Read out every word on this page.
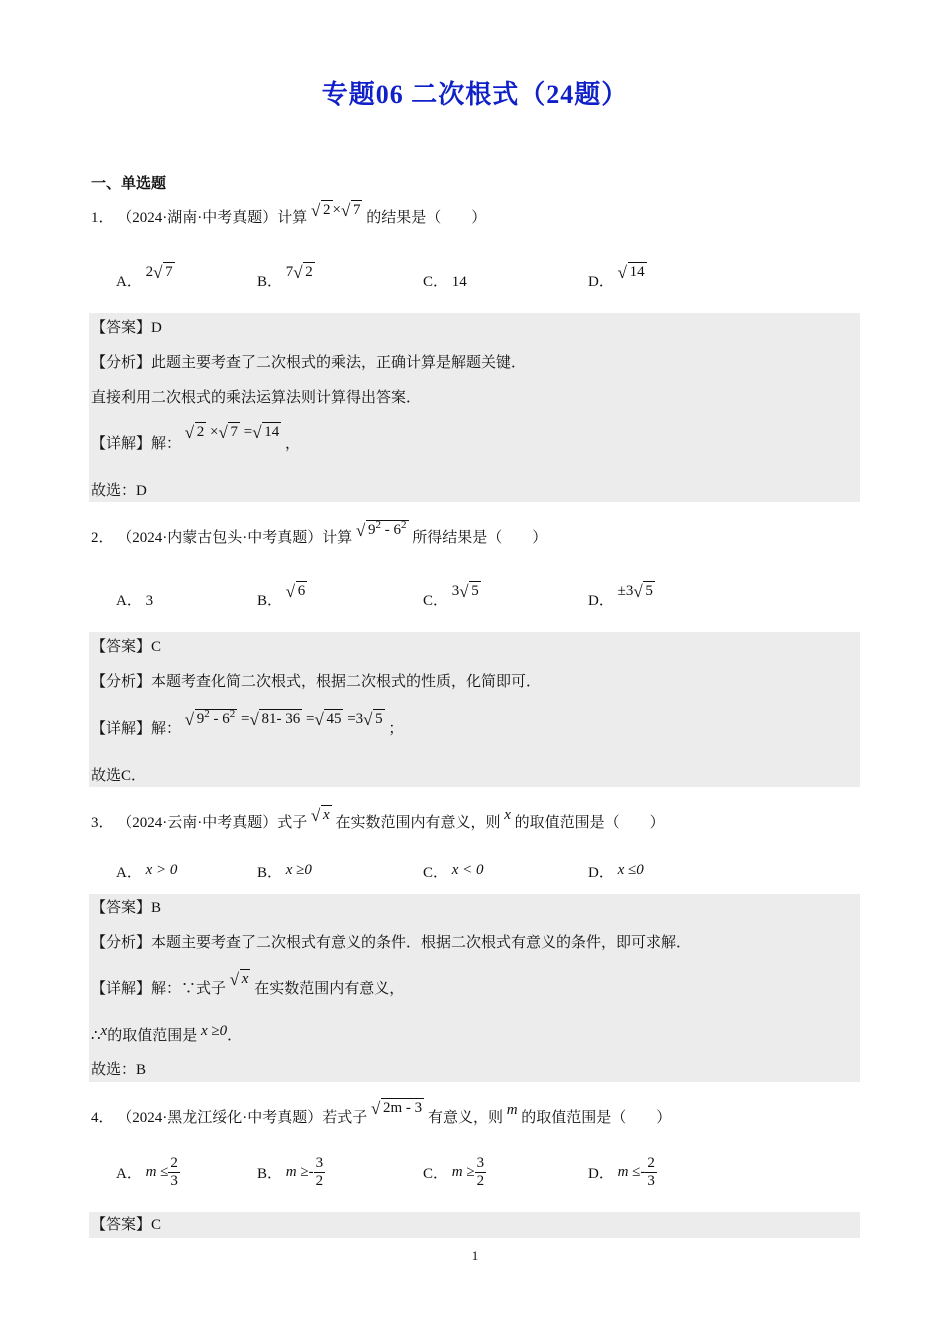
专题06 二次根式（24题）
一、单选题
1． （2024·湖南·中考真题）计算 √ 2 × √ 7 的结果是（　　）
A． 2 √ 7
B． 7 √ 2
C． 14	D． √ 14
【答案】D
【分析】此题主要考查了二次根式的乘法，正确计算是解题关键．
直接利用二次根式的乘法运算法则计算得出答案．
【详解】解：
√ 2 × √ 7 = √ 14 ，
故选：D
2． （2024·内蒙古包头·中考真题）计算 √ $9^2 - 6^2$ 所得结果是（　　）
A． 3	B． √ 6
C． 3 √ 5
D． ±3 √ 5
【答案】C
【分析】本题考查化简二次根式，根据二次根式的性质，化简即可．
【详解】解： √ $9^2 - 6^2$ = √ 81- 36 = √ 45 =3 √ 5 ；
故选C．
3． （2024·云南·中考真题）式子 √ x 在实数范围内有意义，则 x 的取值范围是（　　）
A． x > 0	B． x ≥0	C． x < 0	D． x ≤0
【答案】B
【分析】本题主要考查了二次根式有意义的条件．根据二次根式有意义的条件，即可求解．
【详解】解：∵式子 √ x 在实数范围内有意义，
∴x的取值范围是 x ≥0．
故选：B
4． （2024·黑龙江绥化·中考真题）若式子 √ 2m - 3 有意义，则 m 的取值范围是（　　）
A． $m \le \frac{2}{3}$	B． $m \ge- \frac{3}{2}$	C． $m \ge \frac{3}{2}$	D． $m \le- \frac{2}{3}$
【答案】C
1
